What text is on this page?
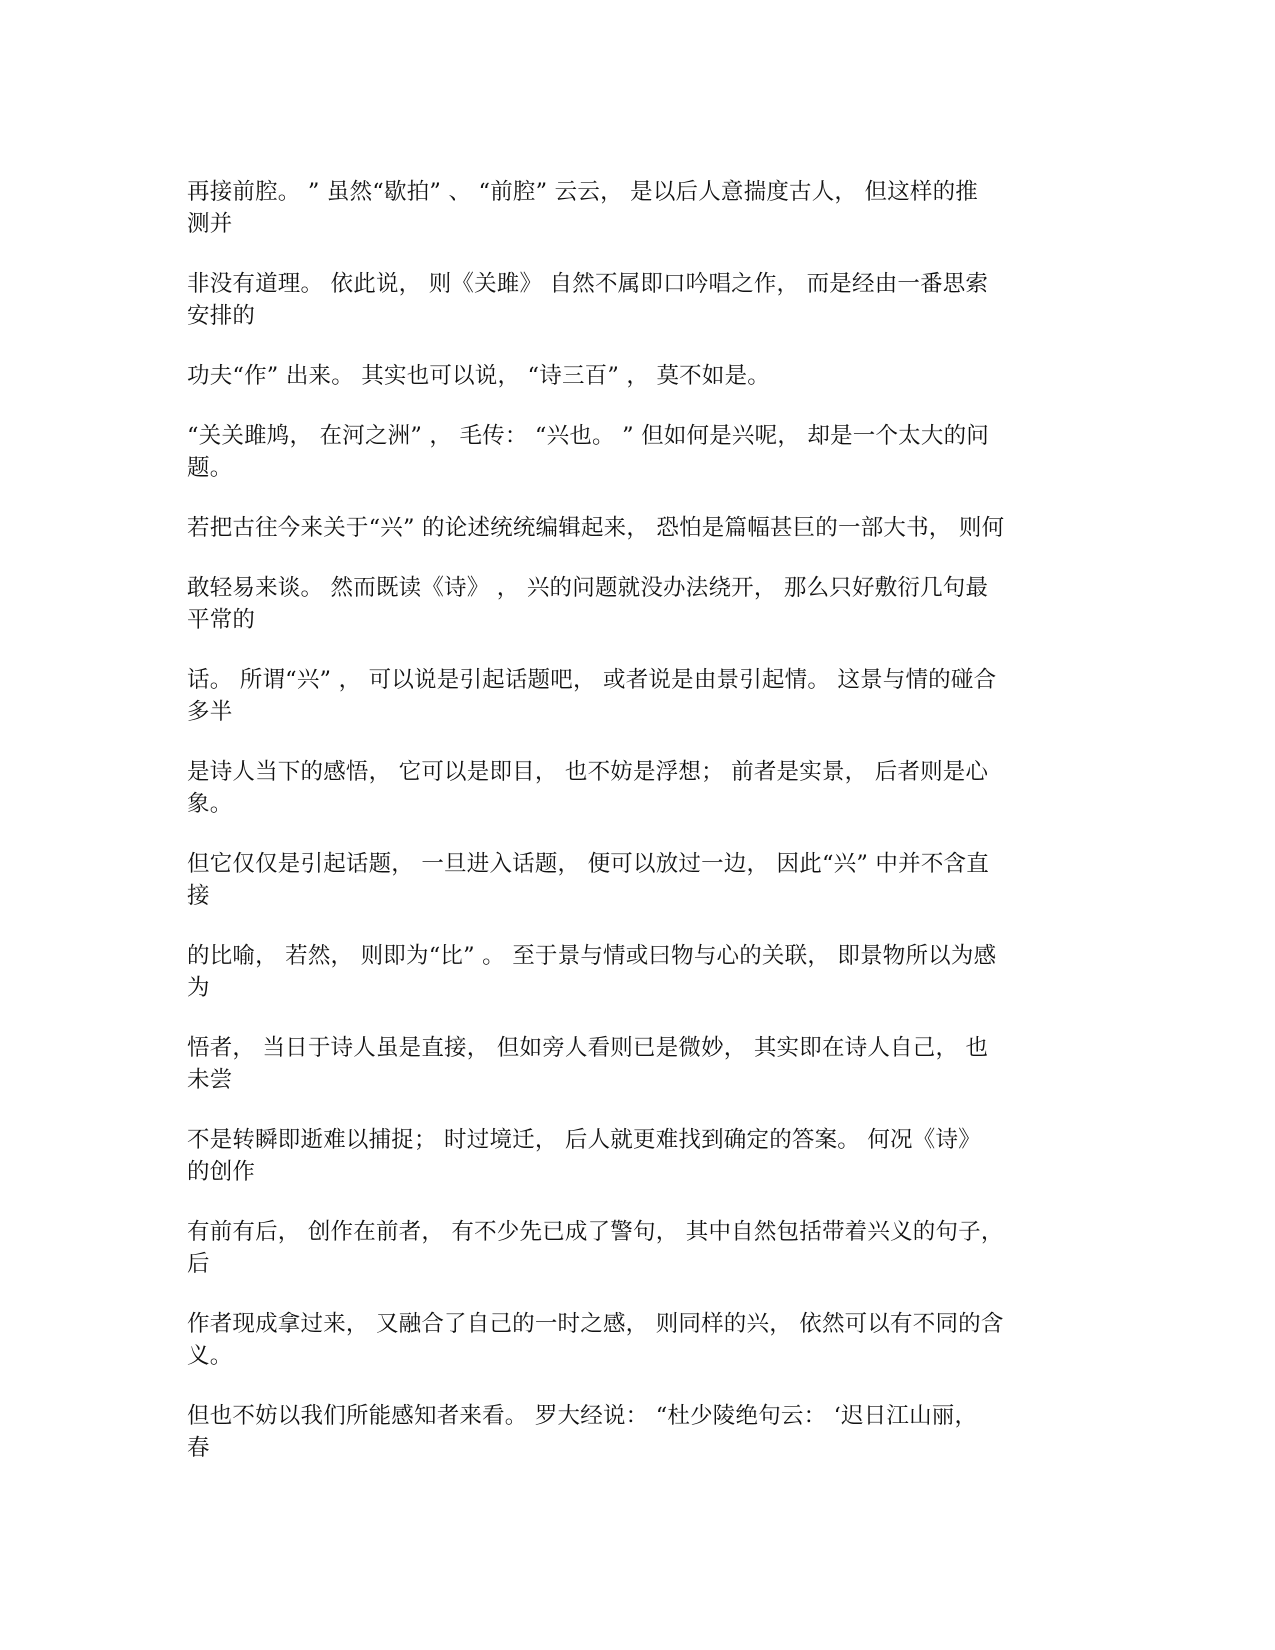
再接前腔。 ” 虽然“歇拍” 、 “前腔” 云云， 是以后人意揣度古人， 但这样的推
测并

非没有道理。 依此说， 则《关雎》 自然不属即口吟唱之作， 而是经由一番思索
安排的

功夫“作” 出来。 其实也可以说， “诗三百” ， 莫不如是。

“关关雎鸠， 在河之洲” ， 毛传： “兴也。 ” 但如何是兴呢， 却是一个太大的问
题。

若把古往今来关于“兴” 的论述统统编辑起来， 恐怕是篇幅甚巨的一部大书， 则何

敢轻易来谈。 然而既读《诗》 ， 兴的问题就没办法绕开， 那么只好敷衍几句最
平常的

话。 所谓“兴” ， 可以说是引起话题吧， 或者说是由景引起情。 这景与情的碰合
多半

是诗人当下的感悟， 它可以是即目， 也不妨是浮想； 前者是实景， 后者则是心
象。

但它仅仅是引起话题， 一旦进入话题， 便可以放过一边， 因此“兴” 中并不含直
接

的比喻， 若然， 则即为“比” 。 至于景与情或曰物与心的关联， 即景物所以为感
为

悟者， 当日于诗人虽是直接， 但如旁人看则已是微妙， 其实即在诗人自己， 也
未尝

不是转瞬即逝难以捕捉； 时过境迁， 后人就更难找到确定的答案。 何况《诗》
的创作

有前有后， 创作在前者， 有不少先已成了警句， 其中自然包括带着兴义的句子，
后

作者现成拿过来， 又融合了自己的一时之感， 则同样的兴， 依然可以有不同的含
义。

但也不妨以我们所能感知者来看。 罗大经说： “杜少陵绝句云： ‘迟日江山丽，
春
